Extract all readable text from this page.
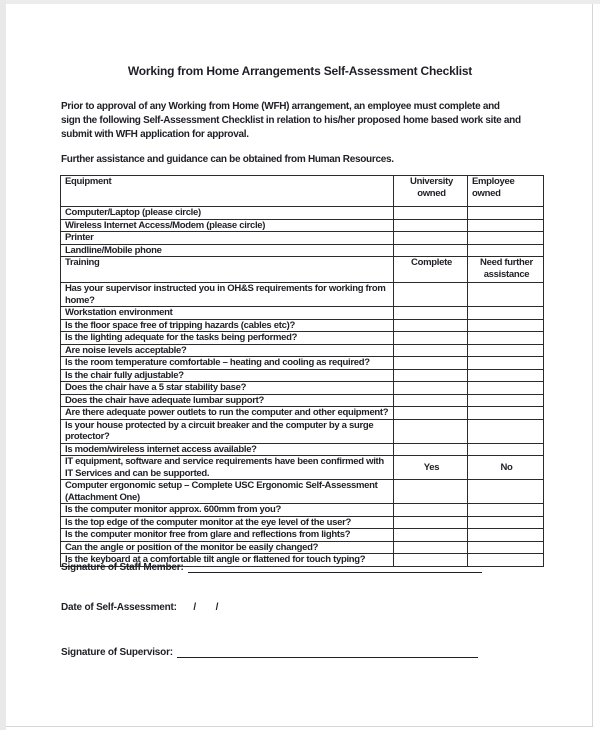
Working from Home Arrangements Self-Assessment Checklist
Prior to approval of any Working from Home (WFH) arrangement, an employee must complete and sign the following Self-Assessment Checklist in relation to his/her proposed home based work site and submit with WFH application for approval.
Further assistance and guidance can be obtained from Human Resources.
Equipment	University owned	Employee owned
Computer/Laptop (please circle)		
Wireless Internet Access/Modem (please circle)		
Printer		
Landline/Mobile phone		
Training	Complete	Need further assistance
Has your supervisor instructed you in OH&S requirements for working from home?		
Workstation environment		
Is the floor space free of tripping hazards (cables etc)?		
Is the lighting adequate for the tasks being performed?		
Are noise levels acceptable?		
Is the room temperature comfortable – heating and cooling as required?		
Is the chair fully adjustable?		
Does the chair have a 5 star stability base?		
Does the chair have adequate lumbar support?		
Are there adequate power outlets to run the computer and other equipment?		
Is your house protected by a circuit breaker and the computer by a surge protector?		
Is modem/wireless internet access available?		
IT equipment, software and service requirements have been confirmed with IT Services and can be supported.	Yes	No
Computer ergonomic setup – Complete USC Ergonomic Self-Assessment (Attachment One)		
Is the computer monitor approx. 600mm from you?		
Is the top edge of the computer monitor at the eye level of the user?		
Is the computer monitor free from glare and reflections from lights?		
Can the angle or position of the monitor be easily changed?		
Is the keyboard at a comfortable tilt angle or flattened for touch typing?		
Signature of Staff Member:
Date of Self-Assessment: / /
Signature of Supervisor:
